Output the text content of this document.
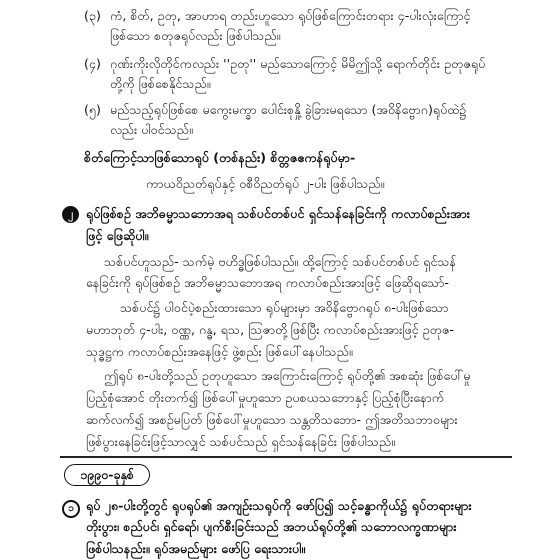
(၃) ကံ, စိတ်, ဥတု, အာဟာရ တည်းဟူသော ရုပ်ဖြစ်ကြောင်းတရား ၄-ပါးလုံးကြောင့်
ဖြစ်သော စတုဇရုပ်လည်း ဖြစ်ပါသည်။
(၄) ဂုဏ်းကိုးလိုတိုင်ကလည်း ''ဥတု'' မည်သောကြောင့် မိမိဤသို့ ရောက်တိုင်း ဥတုဇရုပ်
တို့ကို ဖြစ်စေနိုင်သည်။
(၅) မည်သည့်ရုပ်ဖြစ်စေ မကွေးမက္ခာ ပေါင်းစုနှို့ ခွဲခြားမရသော (အဝိနိဗ္ဗောဂ)ရုပ်ထဲ၌
လည်း ပါဝင်သည်။
စိတ်ကြောင့်သာဖြစ်သောရုပ် (တစ်နည်း) စိတ္တဇဧကန်ရုပ်မှာ-
ကာယဝိညတ်ရုပ်နှင့် ဝစီဝိညတ်ရုပ် ၂-ပါး ဖြစ်ပါသည်။
၂	ရုပ်ဖြစ်စဉ် အဘိဓမ္မာသဘောအရ သစ်ပင်တစ်ပင် ရှင်သန်နေခြင်းကို ကလာပ်စည်းအား
ဖြင့် ဖြေဆိုပါ။
သစ်ပင်ဟူသည်- သက်မဲ့ ဗဟိဒ္ဓဖြစ်ပါသည်။ ထို့ကြောင့် သစ်ပင်တစ်ပင် ရှင်သန်
နေခြင်းကို ရုပ်ဖြစ်စဉ် အဘိဓမ္မာသဘောအရ ကလာပ်စည်းအားဖြင့် ဖြေဆိုရသော်-
သစ်ပင်၌ ပါဝင်ပဲ့စည်းထားသော ရုပ်များမှာ အဝိနိဗ္ဗောဂရုပ် ၈-ပါးဖြစ်သော
မဟာဘုတ် ၄-ပါး, ဝဏ္ဏ, ဂန္ဓ, ရသ, သြဇာတို့ဖြစ်ပြီး ကလာပ်စည်းအားဖြင့် ဥတုဇ-
သုဒ္ဓဋ္ဌက ကလာပ်စည်းအနေဖြင့် ဖွဲ့စည်း ဖြစ်ပေါ်နေပါသည်။
ဤရုပ် ၈-ပါးတို့သည် ဥတုဟူသော အကြောင်းကြောင့် ရုပ်တို့၏ အစဆုံး ဖြစ်ပေါ်မှု
ပြည့်စုံအောင် တိုးတက်၍ ဖြစ်ပေါ်မှုဟူသော ဥပစယသဘောနှင့် ပြည့်စုံပြီးနောက်
ဆက်လက်၍ အစဉ်မပြတ် ဖြစ်ပေါ်မှုဟူသော သန္တတိသဘော- ဤအတိသဘာဝများ
ဖြစ်ပွားနေခြင်းဖြင့်သာလျှင် သစ်ပင်သည် ရှင်သန်နေခြင်း ဖြစ်ပါသည်။
၁၉၉၀-ခုနှစ်
၁ ရုပ် ၂၈-ပါးတို့တွင် ရုပရုပ်၏ အကျဉ်းသရုပ်ကို ဖော်ပြ၍ သင့်ခန္ဓာကိုယ်၌ ရုပ်တရားများ
တိုးပွား၊ စည်ပင်၊ ရှင်ရော်၊ ပျက်စီးခြင်းသည် အဘယ်ရုပ်တို့၏ သဘောလက္ခဏာများ
ဖြစ်ပါသနည်း။ ရုပ်အမည်များ ဖော်ပြ ရေးသားပါ။
